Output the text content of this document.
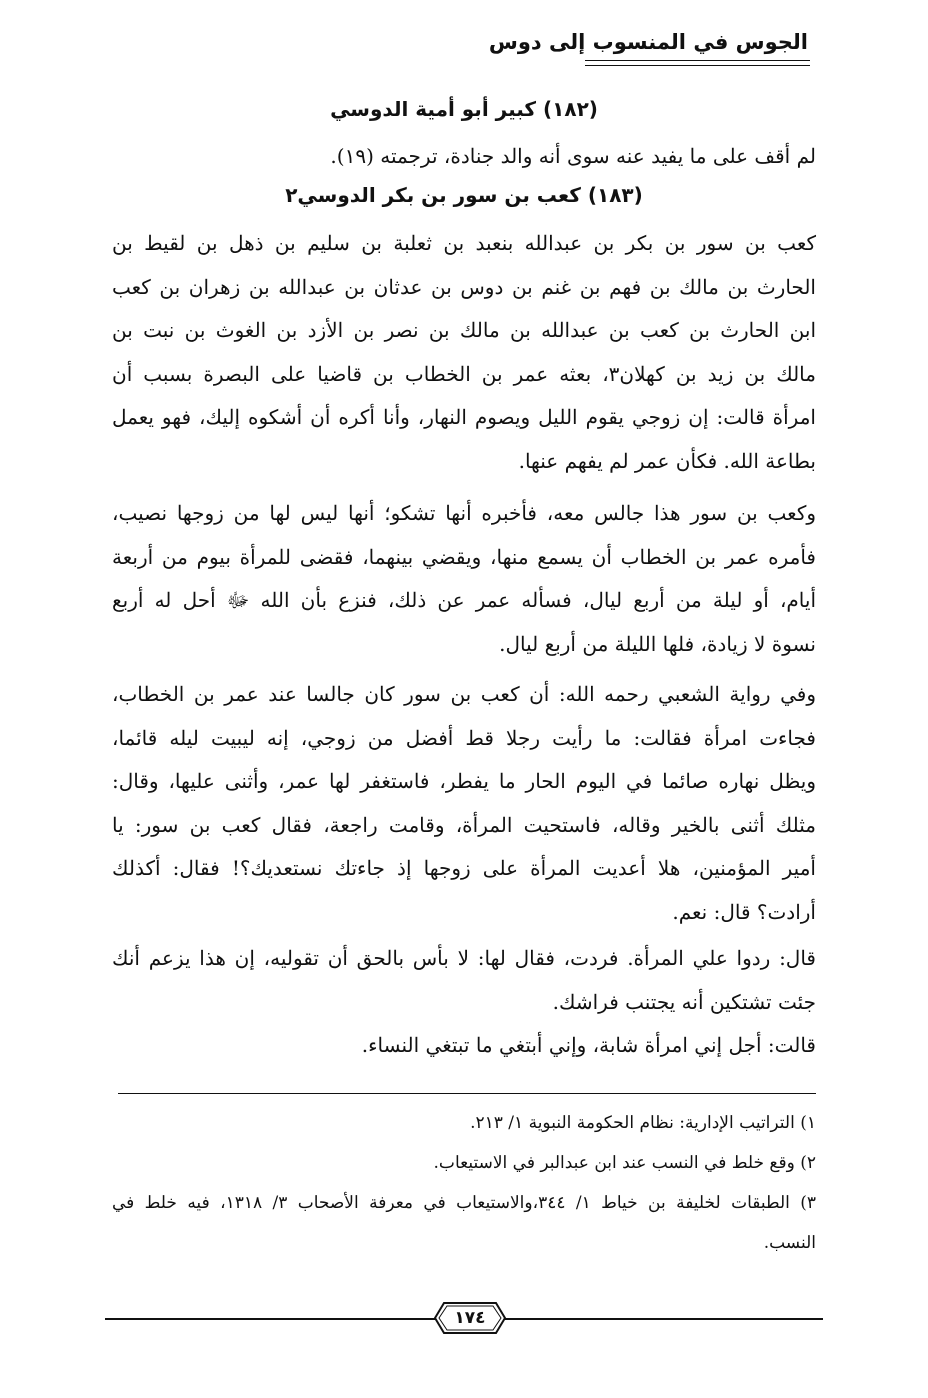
الجوس في المنسوب إلى دوس
(١٨٢) كبير أبو أمية الدوسي
لم أقف على ما يفيد عنه سوى أنه والد جنادة، ترجمته (١٩).
(١٨٣) كعب بن سور بن بكر الدوسي٢
كعب بن سور بن بكر بن عبدالله بنعبد بن ثعلبة بن سليم بن ذهل بن لقيط بن
الحارث بن مالك بن فهم بن غنم بن دوس بن عدثان بن عبدالله بن زهران بن كعب
ابن الحارث بن كعب بن عبدالله بن مالك بن نصر بن الأزد بن الغوث بن نبت بن
مالك بن زيد بن كهلان٣، بعثه عمر بن الخطاب بن قاضيا على البصرة بسبب أن
امرأة قالت: إن زوجي يقوم الليل ويصوم النهار، وأنا أكره أن أشكوه إليك، فهو يعمل
بطاعة الله. فكأن عمر لم يفهم عنها.
وكعب بن سور هذا جالس معه، فأخبره أنها تشكو؛ أنها ليس لها من زوجها نصيب،
فأمره عمر بن الخطاب أن يسمع منها، ويقضي بينهما، فقضى للمرأة بيوم من أربعة
أيام، أو ليلة من أربع ليال، فسأله عمر عن ذلك، فنزع بأن الله ﷻ أحل له أربع
نسوة لا زيادة، فلها الليلة من أربع ليال.
وفي رواية الشعبي رحمه الله: أن كعب بن سور كان جالسا عند عمر بن الخطاب،
فجاءت امرأة فقالت: ما رأيت رجلا قط أفضل من زوجي، إنه ليبيت ليله قائما،
ويظل نهاره صائما في اليوم الحار ما يفطر، فاستغفر لها عمر، وأثنى عليها، وقال:
مثلك أثنى بالخير وقاله، فاستحيت المرأة، وقامت راجعة، فقال كعب بن سور: يا
أمير المؤمنين، هلا أعديت المرأة على زوجها إذ جاءتك نستعديك؟! فقال: أكذلك
أرادت؟ قال: نعم.
قال: ردوا علي المرأة. فردت، فقال لها: لا بأس بالحق أن تقوليه، إن هذا يزعم أنك
جئت تشتكين أنه يجتنب فراشك.
قالت: أجل إني امرأة شابة، وإني أبتغي ما تبتغي النساء.
١) التراتيب الإدارية: نظام الحكومة النبوية ١/ ٢١٣.
٢) وقع خلط في النسب عند ابن عبدالبر في الاستيعاب.
٣) الطبقات لخليفة بن خياط ١/ ٣٤٤،والاستيعاب في معرفة الأصحاب ٣/ ١٣١٨، فيه خلط في
النسب.
١٧٤
